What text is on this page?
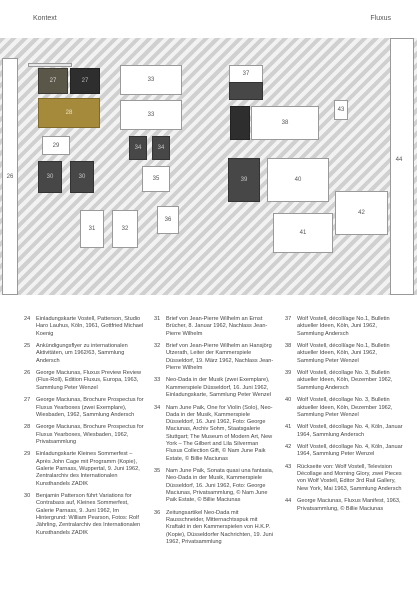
Kontext	Fluxus
26
27	27
28
29
30	30
31	32
33
33
34	34
35
36
37
38
43
39	40
41
42
44
24	Einladungskarte Vostell, Patterson, Studio Haro Lauhus, Köln, 1961, Gottfried Michael Koenig
25	Ankündigungsflyer zu internationalen Aktivitäten, um 1962/63, Sammlung Andersch
26	George Maciunas, Fluxus Preview Review (Flux-Roll), Edition Fluxus, Europa, 1963, Sammlung Peter Wenzel
27	George Maciunas, Brochure Prospectus for Fluxus Yearboxes (zwei Exemplare), Wiesbaden, 1962, Sammlung Andersch
28	George Maciunas, Brochure Prospectus for Fluxus Yearboxes, Wiesbaden, 1962, Privatsammlung
29	Einladungskarte Kleines Sommerfest – Après John Cage mit Programm (Kopie), Galerie Parnass, Wuppertal, 9. Juni 1962, Zentralarchiv des Internationalen Kunsthandels ZADIK
30	Benjamin Patterson führt Variations for Contrabass auf, Kleines Sommerfest, Galerie Parnass, 9. Juni 1962, Im Hintergrund: William Pearson, Fotos: Rolf Jährling, Zentralarchiv des Internationalen Kunsthandels ZADIK
31	Brief von Jean-Pierre Wilhelm an Ernst Brücher, 8. Januar 1962, Nachlass Jean-Pierre Wilhelm
32	Brief von Jean-Pierre Wilhelm an Hansjörg Utzerath, Leiter der Kammerspiele Düsseldorf, 19. März 1962, Nachlass Jean-Pierre Wilhelm
33	Neo-Dada in der Musik (zwei Exemplare), Kammerspiele Düsseldorf, 16. Juni 1962, Einladungskarte, Sammlung Peter Wenzel
34	Nam June Paik, One for Violin (Solo), Neo-Dada in der Musik, Kammerspiele Düsseldorf, 16. Juni 1962, Foto: George Maciunas, Archiv Sohm, Staatsgalerie Stuttgart; The Museum of Modern Art, New York – The Gilbert and Lila Silverman Fluxus Collection Gift, © Nam June Paik Estate, © Billie Maciunas
35	Nam June Paik, Sonata quasi una fantasia, Neo-Dada in der Musik, Kammerspiele Düsseldorf, 16. Juni 1962, Foto: George Maciunas, Privatsammlung, © Nam June Paik Estate, © Billie Maciunas
36	Zeitungsartikel Neo-Dada mit Rausschneider, Mitternachtsspuk mit Kraftakt in den Kammerspielen von H.K.P. (Kopie), Düsseldorfer Nachrichten, 19. Juni 1962, Privatsammlung
37	Wolf Vostell, décoll/age No.1, Bulletin aktueller Ideen, Köln, Juni 1962, Sammlung Andersch
38	Wolf Vostell, décoll/age No.1, Bulletin aktueller Ideen, Köln, Juni 1962, Sammlung Peter Wenzel
39	Wolf Vostell, décollage No. 3, Bulletin aktueller Ideen, Köln, Dezember 1962, Sammlung Andersch
40	Wolf Vostell, décollage No. 3, Bulletin aktueller Ideen, Köln, Dezember 1962, Sammlung Peter Wenzel
41	Wolf Vostell, décollage No. 4, Köln, Januar 1964, Sammlung Andersch
42	Wolf Vostell, décollage No. 4, Köln, Januar 1964, Sammlung Peter Wenzel
43	Rückseite von: Wolf Vostell, Television Décollage and Morning Glory, zwei Pieces von Wolf Vostell, Editor 3rd Rail Gallery, New York, Mai 1963, Sammlung Andersch
44	George Maciunas, Fluxus Manifest, 1963, Privatsammlung, © Billie Maciunas
